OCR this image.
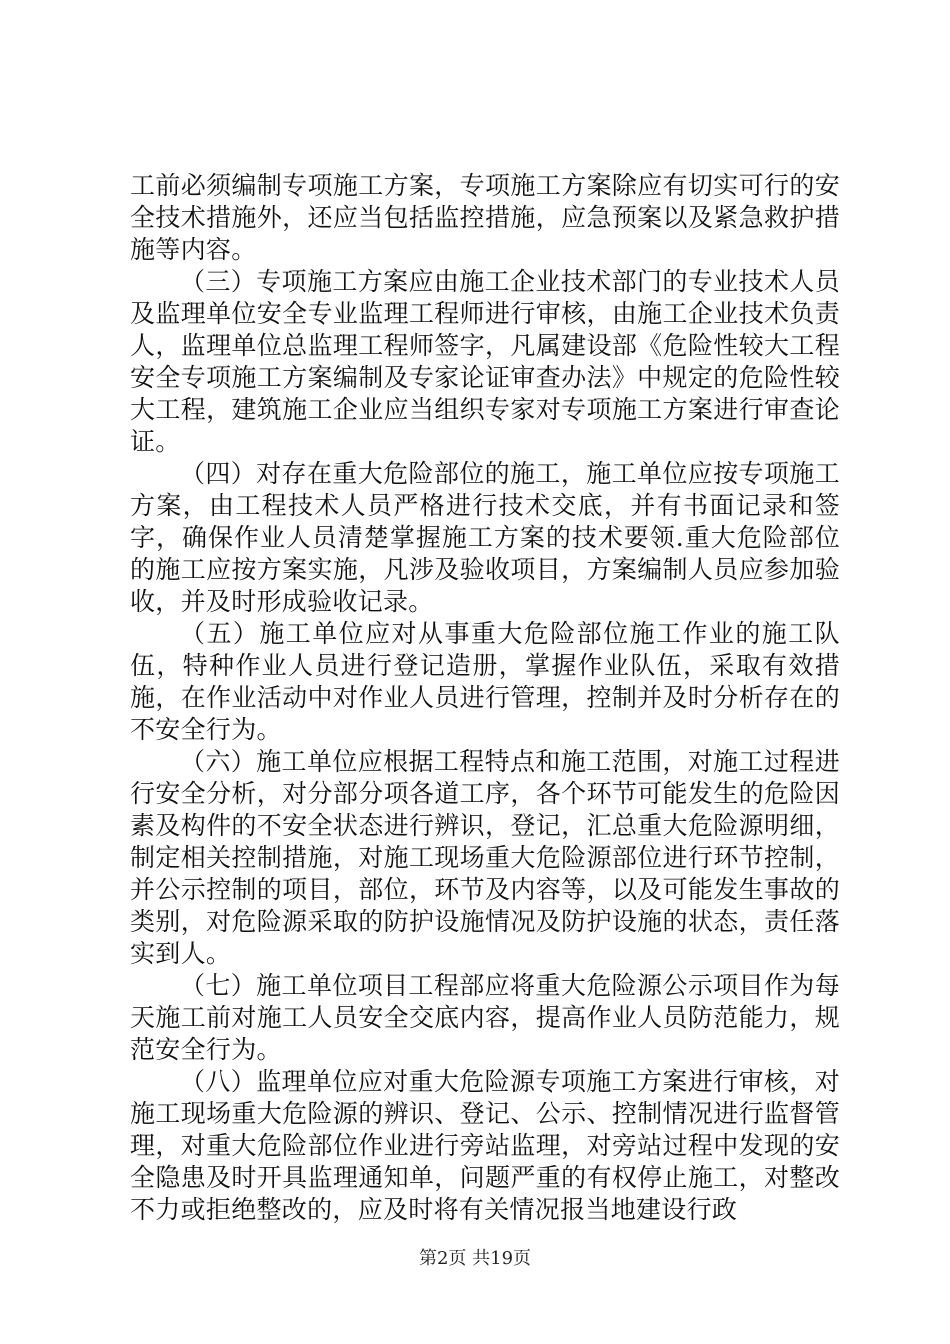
工前必须编制专项施工方案，专项施工方案除应有切实可行的安全技术措施外，还应当包括监控措施，应急预案以及紧急救护措施等内容。

（三）专项施工方案应由施工企业技术部门的专业技术人员及监理单位安全专业监理工程师进行审核，由施工企业技术负责人，监理单位总监理工程师签字，凡属建设部《危险性较大工程安全专项施工方案编制及专家论证审查办法》中规定的危险性较大工程，建筑施工企业应当组织专家对专项施工方案进行审查论证。

（四）对存在重大危险部位的施工，施工单位应按专项施工方案，由工程技术人员严格进行技术交底，并有书面记录和签字，确保作业人员清楚掌握施工方案的技术要领.重大危险部位的施工应按方案实施，凡涉及验收项目，方案编制人员应参加验收，并及时形成验收记录。

（五）施工单位应对从事重大危险部位施工作业的施工队伍，特种作业人员进行登记造册，掌握作业队伍，采取有效措施，在作业活动中对作业人员进行管理，控制并及时分析存在的不安全行为。

（六）施工单位应根据工程特点和施工范围，对施工过程进行安全分析，对分部分项各道工序，各个环节可能发生的危险因素及构件的不安全状态进行辨识，登记，汇总重大危险源明细，制定相关控制措施，对施工现场重大危险源部位进行环节控制，并公示控制的项目，部位，环节及内容等，以及可能发生事故的类别，对危险源采取的防护设施情况及防护设施的状态，责任落实到人。

（七）施工单位项目工程部应将重大危险源公示项目作为每天施工前对施工人员安全交底内容，提高作业人员防范能力，规范安全行为。

（八）监理单位应对重大危险源专项施工方案进行审核，对施工现场重大危险源的辨识、登记、公示、控制情况进行监督管理，对重大危险部位作业进行旁站监理，对旁站过程中发现的安全隐患及时开具监理通知单，问题严重的有权停止施工，对整改不力或拒绝整改的，应及时将有关情况报当地建设行政

第2页 共19页
